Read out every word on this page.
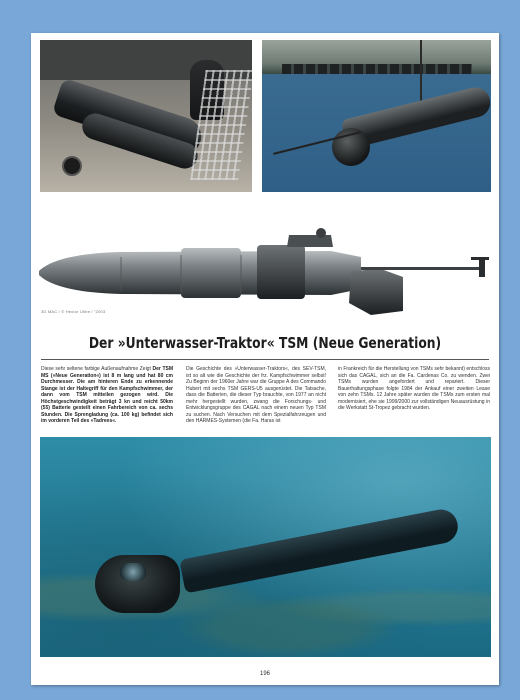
3D MAC / © Hector Ulibe / "2003
Der »Unterwasser-Traktor« TSM (Neue Generation)
Diese sehr seltene farbige Außenaufnahme Zeigt Der TSM MS (»Neue Generation«) ist 8 m lang und hat 80 cm Durchmesser. Die am hinteren Ende zu erkennende Stange ist der Haltegriff für den Kampfschwimmer, der dann vom TSM mitteilen gezogen wird. Die Höchstgeschwindigkeit beträgt 3 kn und reicht 50km (55) Batterie gesteilt einen Fahrbereich von ca. sechs Stunden. Die Sprengladung (ca. 100 kg) befindet sich im vorderen Teil des »Tadrees«.
Die Geschichte des »Unterwasser-Traktors«, des SEV-TSM, ist so alt wie die Geschichte der frz. Kampfschwimmer selbst! Zu Beginn der 1960er Jahre war die Gruppe A des Commando Hubert mit sechs TSM GERS-U5 ausgerüstet. Die Tatsache, dass die Batterien, die dieser Typ brauchte, von 1977 an nicht mehr hergestellt wurden, zwang die Forschungs- und Entwicklungsgruppe des CAGAL nach einem neuen Typ TSM zu suchen. Nach Versuchen mit dem Spezialfahrzeugen und den HARMES-Systemen (die Fa. Haras ist
in Frankreich für die Herstellung von TSMs sehr bekannt) entschloss sich das CAGAL, sich an die Fa. Cardenas Co. zu wenden. Zwei TSMs wurden angefordert und repariert. Dieser Bauerhaltungsphase folgte 1984 der Ankauf einer zweiten Lease von zehn TSMs. 12 Jahre später wurden die TSMs zum ersten mal modernisiert, ehe sie 1999/2000 zur vollständigen Neuausrüstung in die Werkstatt St-Tropez gebracht wurden.
196
